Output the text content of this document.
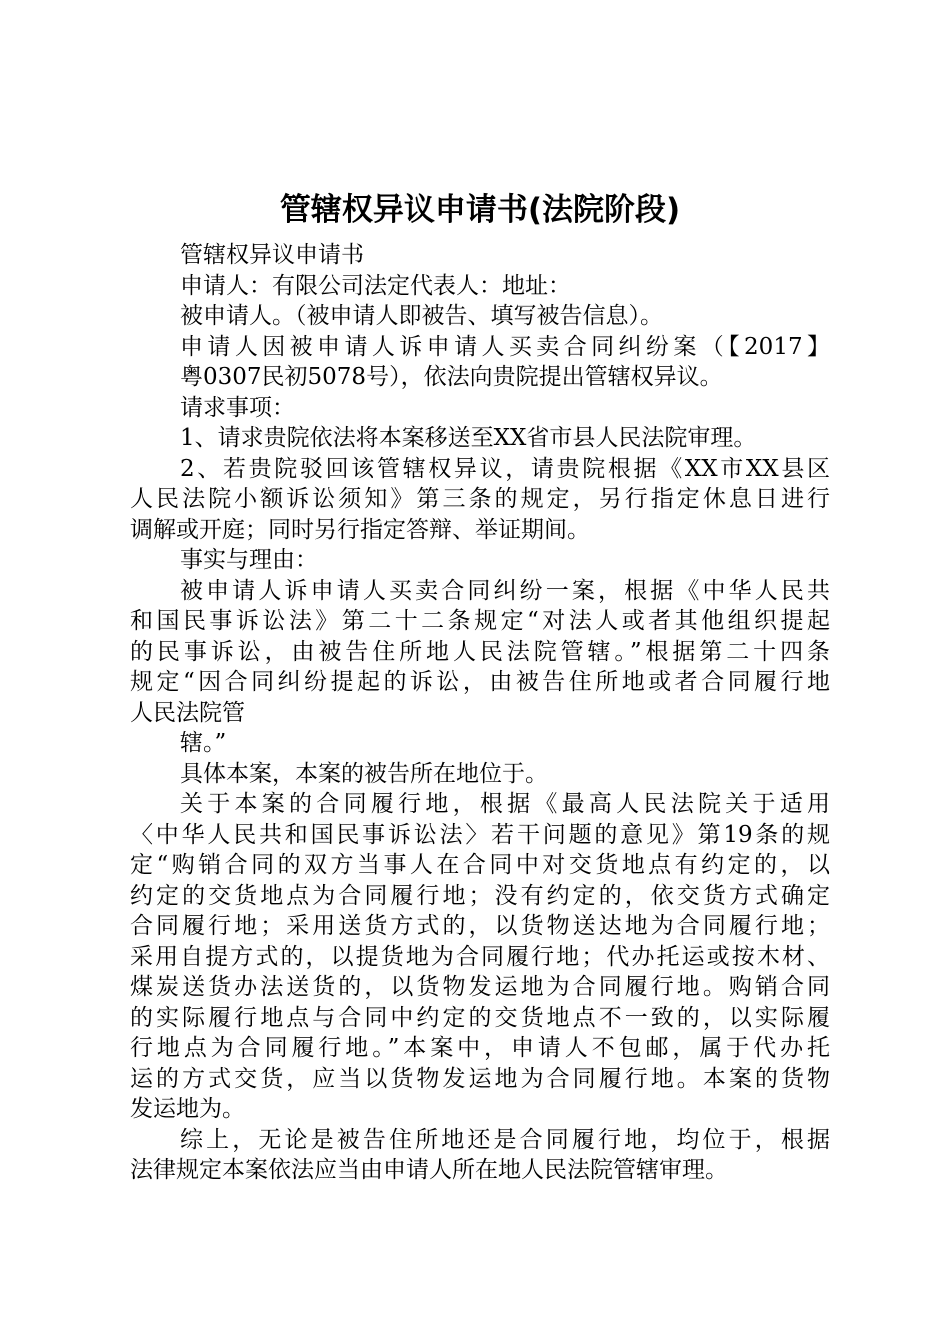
管辖权异议申请书(法院阶段)
管辖权异议申请书
申请人：有限公司法定代表人：地址：
被申请人。（被申请人即被告、填写被告信息）。
申请人因被申请人诉申请人买卖合同纠纷案（【2017】
粤0307民初5078号），依法向贵院提出管辖权异议。
请求事项：
1、请求贵院依法将本案移送至XX省市县人民法院审理。
2、若贵院驳回该管辖权异议，请贵院根据《XX市XX县区
人民法院小额诉讼须知》第三条的规定，另行指定休息日进行
调解或开庭；同时另行指定答辩、举证期间。
事实与理由：
被申请人诉申请人买卖合同纠纷一案，根据《中华人民共
和国民事诉讼法》第二十二条规定“对法人或者其他组织提起
的民事诉讼，由被告住所地人民法院管辖。”根据第二十四条
规定“因合同纠纷提起的诉讼，由被告住所地或者合同履行地
人民法院管
辖。”
具体本案，本案的被告所在地位于。
关于本案的合同履行地，根据《最高人民法院关于适用
〈中华人民共和国民事诉讼法〉若干问题的意见》第19条的规
定“购销合同的双方当事人在合同中对交货地点有约定的，以
约定的交货地点为合同履行地；没有约定的，依交货方式确定
合同履行地；采用送货方式的，以货物送达地为合同履行地；
采用自提方式的，以提货地为合同履行地；代办托运或按木材、
煤炭送货办法送货的，以货物发运地为合同履行地。购销合同
的实际履行地点与合同中约定的交货地点不一致的，以实际履
行地点为合同履行地。”本案中，申请人不包邮，属于代办托
运的方式交货，应当以货物发运地为合同履行地。本案的货物
发运地为。
综上，无论是被告住所地还是合同履行地，均位于，根据
法律规定本案依法应当由申请人所在地人民法院管辖审理。
